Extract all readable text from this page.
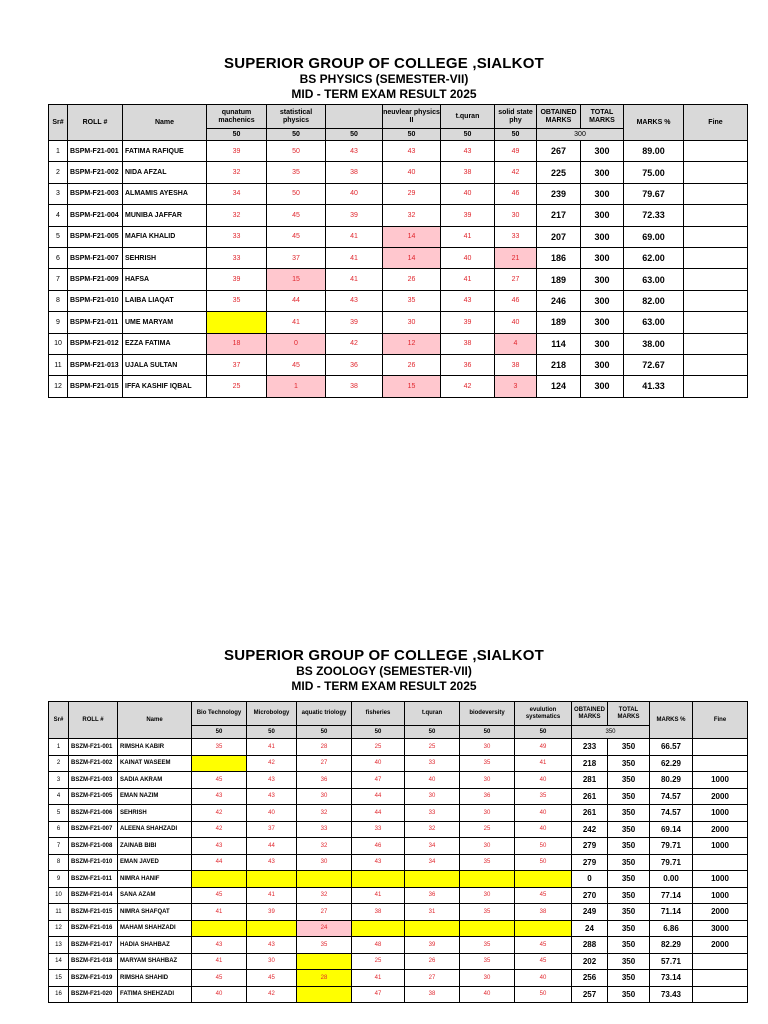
SUPERIOR GROUP OF COLLEGE ,SIALKOT
BS PHYSICS (SEMESTER-VII)
MID - TERM EXAM RESULT 2025
Sr#	ROLL #	Name	qunatum machenics	statistical physics		neuvlear physics II	t.quran	solid state phy	OBTAINED MARKS	TOTAL MARKS	MARKS %	Fine
			50	50	50	50	50	50	300			
1	BSPM-F21-001	FATIMA RAFIQUE	39	50	43	43	43	49	267	300	89.00	
2	BSPM-F21-002	NIDA AFZAL	32	35	38	40	38	42	225	300	75.00	
3	BSPM-F21-003	ALMAMIS AYESHA	34	50	40	29	40	46	239	300	79.67	
4	BSPM-F21-004	MUNIBA JAFFAR	32	45	39	32	39	30	217	300	72.33	
5	BSPM-F21-005	MAFIA KHALID	33	45	41	14	41	33	207	300	69.00	
6	BSPM-F21-007	SEHRISH	33	37	41	14	40	21	186	300	62.00	
7	BSPM-F21-009	HAFSA	39	15	41	26	41	27	189	300	63.00	
8	BSPM-F21-010	LAIBA LIAQAT	35	44	43	35	43	46	246	300	82.00	
9	BSPM-F21-011	UME MARYAM		41	39	30	39	40	189	300	63.00	
10	BSPM-F21-012	EZZA FATIMA	18	0	42	12	38	4	114	300	38.00	
11	BSPM-F21-013	UJALA SULTAN	37	45	36	26	36	38	218	300	72.67	
12	BSPM-F21-015	IFFA KASHIF IQBAL	25	1	38	15	42	3	124	300	41.33	
SUPERIOR GROUP OF COLLEGE ,SIALKOT
BS ZOOLOGY (SEMESTER-VII)
MID - TERM EXAM RESULT 2025
Sr#	ROLL #	Name	Bio Technology	Microbology	aquatic triology	fisheries	t.quran	biodeversity	evulution systematics	OBTAINED MARKS	TOTAL MARKS	MARKS %	Fine
			50	50	50	50	50	50	50	350			
1	BSZM-F21-001	RIMSHA KABIR	35	41	28	25	25	30	49	233	350	66.57	
2	BSZM-F21-002	KAINAT WASEEM		42	27	40	33	35	41	218	350	62.29	
3	BSZM-F21-003	SADIA AKRAM	45	43	36	47	40	30	40	281	350	80.29	1000
4	BSZM-F21-005	EMAN NAZIM	43	43	30	44	30	36	35	261	350	74.57	2000
5	BSZM-F21-006	SEHRISH	42	40	32	44	33	30	40	261	350	74.57	1000
6	BSZM-F21-007	ALEENA SHAHZADI	42	37	33	33	32	25	40	242	350	69.14	2000
7	BSZM-F21-008	ZAINAB BIBI	43	44	32	46	34	30	50	279	350	79.71	1000
8	BSZM-F21-010	EMAN JAVED	44	43	30	43	34	35	50	279	350	79.71	
9	BSZM-F21-011	NIMRA HANIF								0	350	0.00	1000
10	BSZM-F21-014	SANA AZAM	45	41	32	41	36	30	45	270	350	77.14	1000
11	BSZM-F21-015	NIMRA SHAFQAT	41	39	27	38	31	35	38	249	350	71.14	2000
12	BSZM-F21-016	MAHAM SHAHZADI			24					24	350	6.86	3000
13	BSZM-F21-017	HADIA SHAHBAZ	43	43	35	48	39	35	45	288	350	82.29	2000
14	BSZM-F21-018	MARYAM SHAHBAZ	41	30		25	26	35	45	202	350	57.71	
15	BSZM-F21-019	RIMSHA SHAHID	45	45	28	41	27	30	40	256	350	73.14	
16	BSZM-F21-020	FATIMA SHEHZADI	40	42		47	38	40	50	257	350	73.43	
